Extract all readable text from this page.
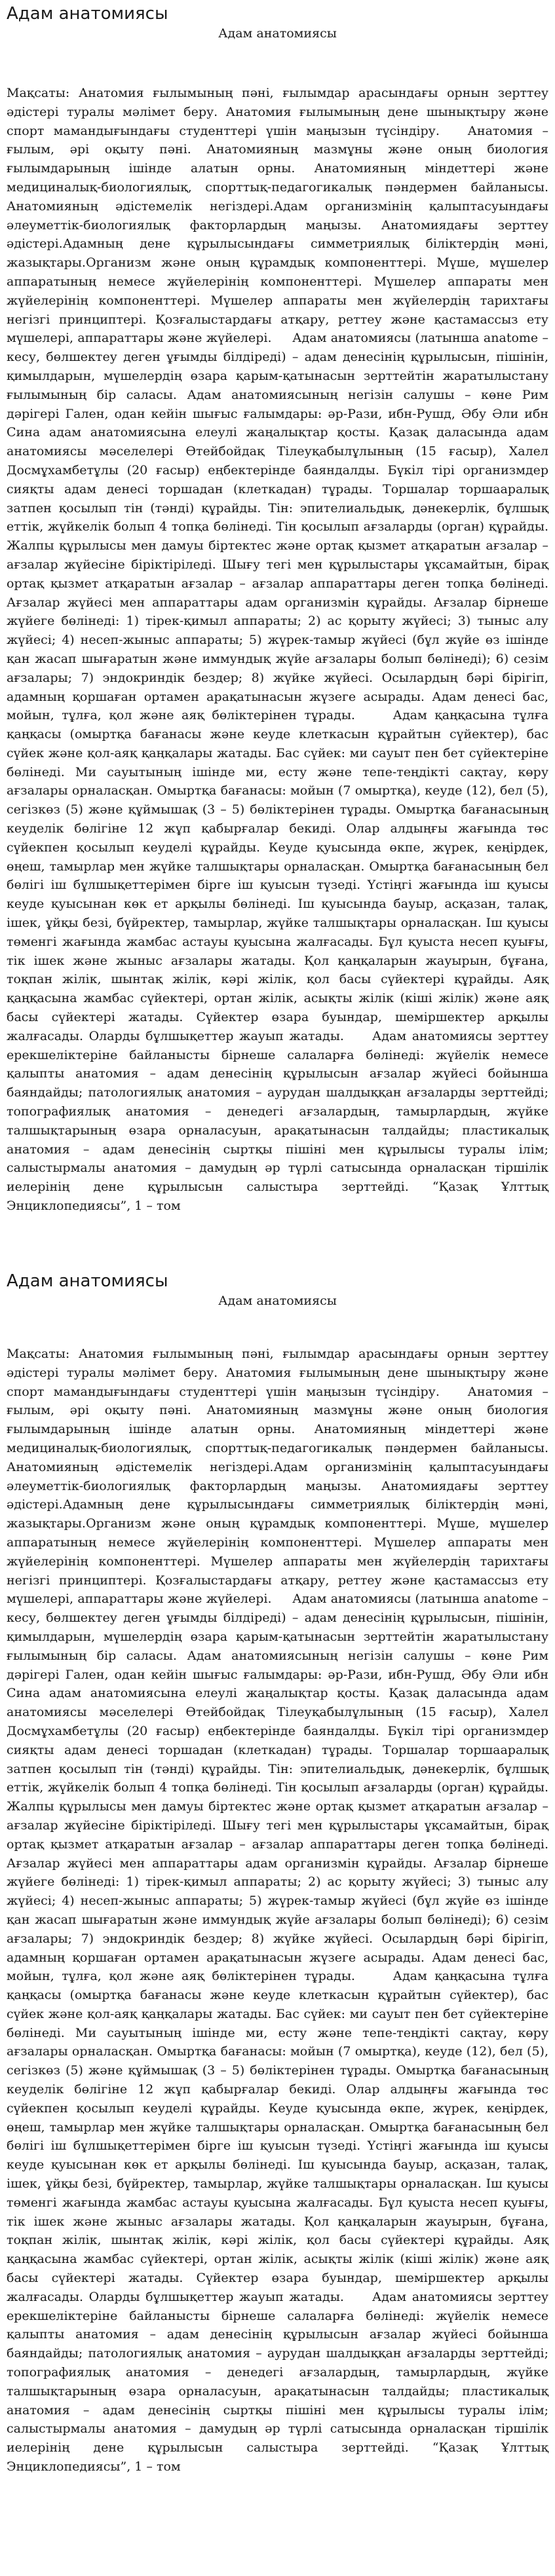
Адам анатомиясы
Адам анатомиясы

Мақсаты: Анатомия ғылымының пәні, ғылымдар арасындағы орнын зерттеу әдістері туралы мәлімет беру. Анатомия ғылымының дене шынықтыру және спорт мамандығындағы студенттері үшін маңызын түсіндіру.   Анатомия – ғылым, әрі оқыту пәні. Анатомияның мазмұны және оның биология ғылымдарының ішінде алатын орны. Анатомияның міндеттері және медициналық-биологиялық, спорттық-педагогикалық пәндермен байланысы. Анатомияның әдістемелік негіздері.Адам организмінің қалыптасуындағы әлеуметтік-биологиялық факторлардың маңызы. Анатомиядағы зерттеу әдістері.Адамның дене құрылысындағы симметриялық біліктердің мәні, жазықтары.Организм және оның құрамдық компоненттері. Мүше, мүшелер аппаратының немесе жүйелерінің компоненттері. Мүшелер аппараты мен жүйелерінің компоненттері. Мүшелер аппараты мен жүйелердің тарихтағы негізгі принциптері. Қозғалыстардағы атқару, реттеу және қастамассыз ету мүшелері, аппараттары және жүйелері.     Адам анатомиясы (латынша anatome – кесу, бөлшектеу деген ұғымды білдіреді) – адам денесінің құрылысын, пішінін, қимылдарын, мүшелердің өзара қарым-қатынасын зерттейтін жаратылыстану ғылымының бір саласы. Адам анатомиясының негізін салушы – көне Рим дәрігері Гален, одан кейін шығыс ғалымдары: әр-Рази, ибн-Рушд, Әбу Әли ибн Сина адам анатомиясына елеулі жаңалықтар қосты. Қазақ даласында адам анатомиясы мәселелері Өтейбойдақ Тілеуқабылұлының (15 ғасыр), Халел Досмұхамбетұлы (20 ғасыр) еңбектерінде баяндалды. Бүкіл тірі организмдер сияқты адам денесі торшадан (клеткадан) тұрады. Торшалар торшааралық затпен қосылып тін (тәнді) құрайды. Тін: эпителиальдық, дәнекерлік, бұлшық еттік, жүйкелік болып 4 топқа бөлінеді. Тін қосылып ағзаларды (орган) құрайды. Жалпы құрылысы мен дамуы біртектес және ортақ қызмет атқаратын ағзалар – ағзалар жүйесіне біріктіріледі. Шығу тегі мен құрылыстары ұқсамайтын, бірақ ортақ қызмет атқаратын ағзалар – ағзалар аппараттары деген топқа бөлінеді. Ағзалар жүйесі мен аппараттары адам организмін құрайды. Ағзалар бірнеше жүйеге бөлінеді: 1) тірек-қимыл аппараты; 2) ас қорыту жүйесі; 3) тыныс алу жүйесі; 4) несеп-жыныс аппараты; 5) жүрек-тамыр жүйесі (бұл жүйе өз ішінде қан жасап шығаратын және иммундық жүйе ағзалары болып бөлінеді); 6) сезім ағзалары; 7) эндокриндік бездер; 8) жүйке жүйесі. Осылардың бәрі бірігіп, адамның қоршаған ортамен арақатынасын жүзеге асырады. Адам денесі бас, мойын, тұлға, қол және аяқ бөліктерінен тұрады.     Адам қаңқасына тұлға қаңқасы (омыртқа бағанасы және кеуде клеткасын құрайтын сүйектер), бас сүйек және қол-аяқ қаңқалары жатады. Бас сүйек: ми сауыт пен бет сүйектеріне бөлінеді. Ми сауытының ішінде ми, есту және тепе-теңдікті сақтау, көру ағзалары орналасқан. Омыртқа бағанасы: мойын (7 омыртқа), кеуде (12), бел (5), сегізкөз (5) және құймышақ (3 – 5) бөліктерінен тұрады. Омыртқа бағанасының кеуделік бөлігіне 12 жұп қабырғалар бекиді. Олар алдыңғы жағында төс сүйекпен қосылып кеуделі құрайды. Кеуде қуысында өкпе, жүрек, кеңірдек, өңеш, тамырлар мен жүйке талшықтары орналасқан. Омыртқа бағанасының бел бөлігі іш бұлшықеттерімен бірге іш қуысын түзеді. Үстіңгі жағында іш қуысы кеуде қуысынан көк ет арқылы бөлінеді. Іш қуысында бауыр, асқазан, талақ, ішек, ұйқы безі, бүйректер, тамырлар, жүйке талшықтары орналасқан. Іш қуысы төменгі жағында жамбас астауы қуысына жалғасады. Бұл қуыста несеп қуығы, тік ішек және жыныс ағзалары жатады. Қол қаңқаларын жауырын, бұғана, тоқпан жілік, шынтақ жілік, кәрі жілік, қол басы сүйектері құрайды. Аяқ қаңқасына жамбас сүйектері, ортан жілік, асықты жілік (кіші жілік) және аяқ басы сүйектері жатады. Сүйектер өзара буындар, шеміршектер арқылы жалғасады. Оларды бұлшықеттер жауып жатады.     Адам анатомиясы зерттеу ерекшеліктеріне байланысты бірнеше салаларға бөлінеді: жүйелік немесе қалыпты анатомия – адам денесінің құрылысын ағзалар жүйесі бойынша баяндайды; патологиялық анатомия – аурудан шалдыққан ағзаларды зерттейді; топографиялық анатомия – денедегі ағзалардың, тамырлардың, жүйке талшықтарының өзара орналасуын, арақатынасын талдайды; пластикалық анатомия – адам денесінің сыртқы пішіні мен құрылысы туралы ілім; салыстырмалы анатомия – дамудың әр түрлі сатысында орналасқан тіршілік иелерінің дене құрылысын салыстыра зерттейді. “Қазақ Ұлттық Энциклопедиясы”, 1 – том

Адам анатомиясы
Адам анатомиясы

Мақсаты: Анатомия ғылымының пәні, ғылымдар арасындағы орнын зерттеу әдістері туралы мәлімет беру. Анатомия ғылымының дене шынықтыру және спорт мамандығындағы студенттері үшін маңызын түсіндіру.   Анатомия – ғылым, әрі оқыту пәні. Анатомияның мазмұны және оның биология ғылымдарының ішінде алатын орны. Анатомияның міндеттері және медициналық-биологиялық, спорттық-педагогикалық пәндермен байланысы. Анатомияның әдістемелік негіздері.Адам организмінің қалыптасуындағы әлеуметтік-биологиялық факторлардың маңызы. Анатомиядағы зерттеу әдістері.Адамның дене құрылысындағы симметриялық біліктердің мәні, жазықтары.Организм және оның құрамдық компоненттері. Мүше, мүшелер аппаратының немесе жүйелерінің компоненттері. Мүшелер аппараты мен жүйелерінің компоненттері. Мүшелер аппараты мен жүйелердің тарихтағы негізгі принциптері. Қозғалыстардағы атқару, реттеу және қастамассыз ету мүшелері, аппараттары және жүйелері.     Адам анатомиясы (латынша anatome – кесу, бөлшектеу деген ұғымды білдіреді) – адам денесінің құрылысын, пішінін, қимылдарын, мүшелердің өзара қарым-қатынасын зерттейтін жаратылыстану ғылымының бір саласы. Адам анатомиясының негізін салушы – көне Рим дәрігері Гален, одан кейін шығыс ғалымдары: әр-Рази, ибн-Рушд, Әбу Әли ибн Сина адам анатомиясына елеулі жаңалықтар қосты. Қазақ даласында адам анатомиясы мәселелері Өтейбойдақ Тілеуқабылұлының (15 ғасыр), Халел Досмұхамбетұлы (20 ғасыр) еңбектерінде баяндалды. Бүкіл тірі организмдер сияқты адам денесі торшадан (клеткадан) тұрады. Торшалар торшааралық затпен қосылып тін (тәнді) құрайды. Тін: эпителиальдық, дәнекерлік, бұлшық еттік, жүйкелік болып 4 топқа бөлінеді. Тін қосылып ағзаларды (орган) құрайды. Жалпы құрылысы мен дамуы біртектес және ортақ қызмет атқаратын ағзалар – ағзалар жүйесіне біріктіріледі. Шығу тегі мен құрылыстары ұқсамайтын, бірақ ортақ қызмет атқаратын ағзалар – ағзалар аппараттары деген топқа бөлінеді. Ағзалар жүйесі мен аппараттары адам организмін құрайды. Ағзалар бірнеше жүйеге бөлінеді: 1) тірек-қимыл аппараты; 2) ас қорыту жүйесі; 3) тыныс алу жүйесі; 4) несеп-жыныс аппараты; 5) жүрек-тамыр жүйесі (бұл жүйе өз ішінде қан жасап шығаратын және иммундық жүйе ағзалары болып бөлінеді); 6) сезім ағзалары; 7) эндокриндік бездер; 8) жүйке жүйесі. Осылардың бәрі бірігіп, адамның қоршаған ортамен арақатынасын жүзеге асырады. Адам денесі бас, мойын, тұлға, қол және аяқ бөліктерінен тұрады.     Адам қаңқасына тұлға қаңқасы (омыртқа бағанасы және кеуде клеткасын құрайтын сүйектер), бас сүйек және қол-аяқ қаңқалары жатады. Бас сүйек: ми сауыт пен бет сүйектеріне бөлінеді. Ми сауытының ішінде ми, есту және тепе-теңдікті сақтау, көру ағзалары орналасқан. Омыртқа бағанасы: мойын (7 омыртқа), кеуде (12), бел (5), сегізкөз (5) және құймышақ (3 – 5) бөліктерінен тұрады. Омыртқа бағанасының кеуделік бөлігіне 12 жұп қабырғалар бекиді. Олар алдыңғы жағында төс сүйекпен қосылып кеуделі құрайды. Кеуде қуысында өкпе, жүрек, кеңірдек, өңеш, тамырлар мен жүйке талшықтары орналасқан. Омыртқа бағанасының бел бөлігі іш бұлшықеттерімен бірге іш қуысын түзеді. Үстіңгі жағында іш қуысы кеуде қуысынан көк ет арқылы бөлінеді. Іш қуысында бауыр, асқазан, талақ, ішек, ұйқы безі, бүйректер, тамырлар, жүйке талшықтары орналасқан. Іш қуысы төменгі жағында жамбас астауы қуысына жалғасады. Бұл қуыста несеп қуығы, тік ішек және жыныс ағзалары жатады. Қол қаңқаларын жауырын, бұғана, тоқпан жілік, шынтақ жілік, кәрі жілік, қол басы сүйектері құрайды. Аяқ қаңқасына жамбас сүйектері, ортан жілік, асықты жілік (кіші жілік) және аяқ басы сүйектері жатады. Сүйектер өзара буындар, шеміршектер арқылы жалғасады. Оларды бұлшықеттер жауып жатады.     Адам анатомиясы зерттеу ерекшеліктеріне байланысты бірнеше салаларға бөлінеді: жүйелік немесе қалыпты анатомия – адам денесінің құрылысын ағзалар жүйесі бойынша баяндайды; патологиялық анатомия – аурудан шалдыққан ағзаларды зерттейді; топографиялық анатомия – денедегі ағзалардың, тамырлардың, жүйке талшықтарының өзара орналасуын, арақатынасын талдайды; пластикалық анатомия – адам денесінің сыртқы пішіні мен құрылысы туралы ілім; салыстырмалы анатомия – дамудың әр түрлі сатысында орналасқан тіршілік иелерінің дене құрылысын салыстыра зерттейді. “Қазақ Ұлттық Энциклопедиясы”, 1 – том
